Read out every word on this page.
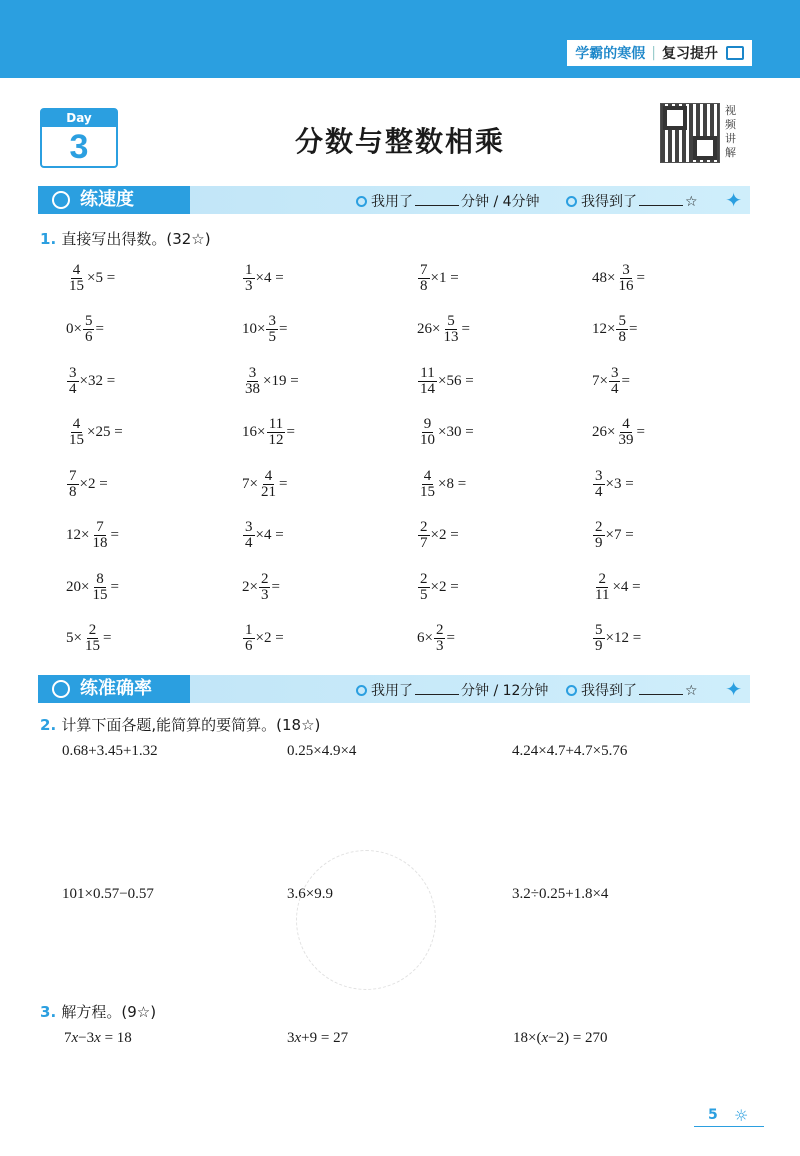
学霸的寒假 | 复习提升
Day
3	分数与整数相乘
视频讲解
练速度	我用了	分钟 / 4分钟	我得到了	☆ ✦
1. 直接写出得数。(32☆)
$\frac{4}{15} \times 5$ =	$\frac{1}{3} \times 4$ =	$\frac{7}{8} \times 1$ =	$48\times \frac{3}{16}$ =
$0\times \frac{5}{6}$ =	$10\times \frac{3}{5}$ =	$26\times \frac{5}{13}$ =	$12\times \frac{5}{8}$ =
$\frac{3}{4} \times 32$ =	$\frac{3}{38} \times 19$ =	$\frac{11}{14} \times 56$ =	$7\times \frac{3}{4}$ =
$\frac{4}{15} \times 25$ =	$16\times \frac{11}{12}$ =	$\frac{9}{10} \times 30$ =	$26\times \frac{4}{39}$ =
$\frac{7}{8} \times 2$ =	$7\times \frac{4}{21}$ =	$\frac{4}{15} \times 8$ =	$\frac{3}{4} \times 3$ =
$12\times \frac{7}{18}$ =	$\frac{3}{4} \times 4$ =	$\frac{2}{7} \times 2$ =	$\frac{2}{9} \times 7$ =
$20\times \frac{8}{15}$ =	$2\times \frac{2}{3}$ =	$\frac{2}{5} \times 2$ =	$\frac{2}{11} \times 4$ =
$5\times \frac{2}{15}$ =	$\frac{1}{6} \times 2$ =	$6\times \frac{2}{3}$ =	$\frac{5}{9} \times 12$ =
练准确率	我用了	分钟 / 12分钟	我得到了	☆ ✦
2. 计算下面各题,能简算的要简算。(18☆)
0.68+3.45+1.32	0.25×4.9×4	4.24×4.7+4.7×5.76
101×0.57−0.57	3.6×9.9	3.2÷0.25+1.8×4
3. 解方程。(9☆)
7x−3x = 18	3x+9 = 27	18×(x−2) = 270
5 ☼
